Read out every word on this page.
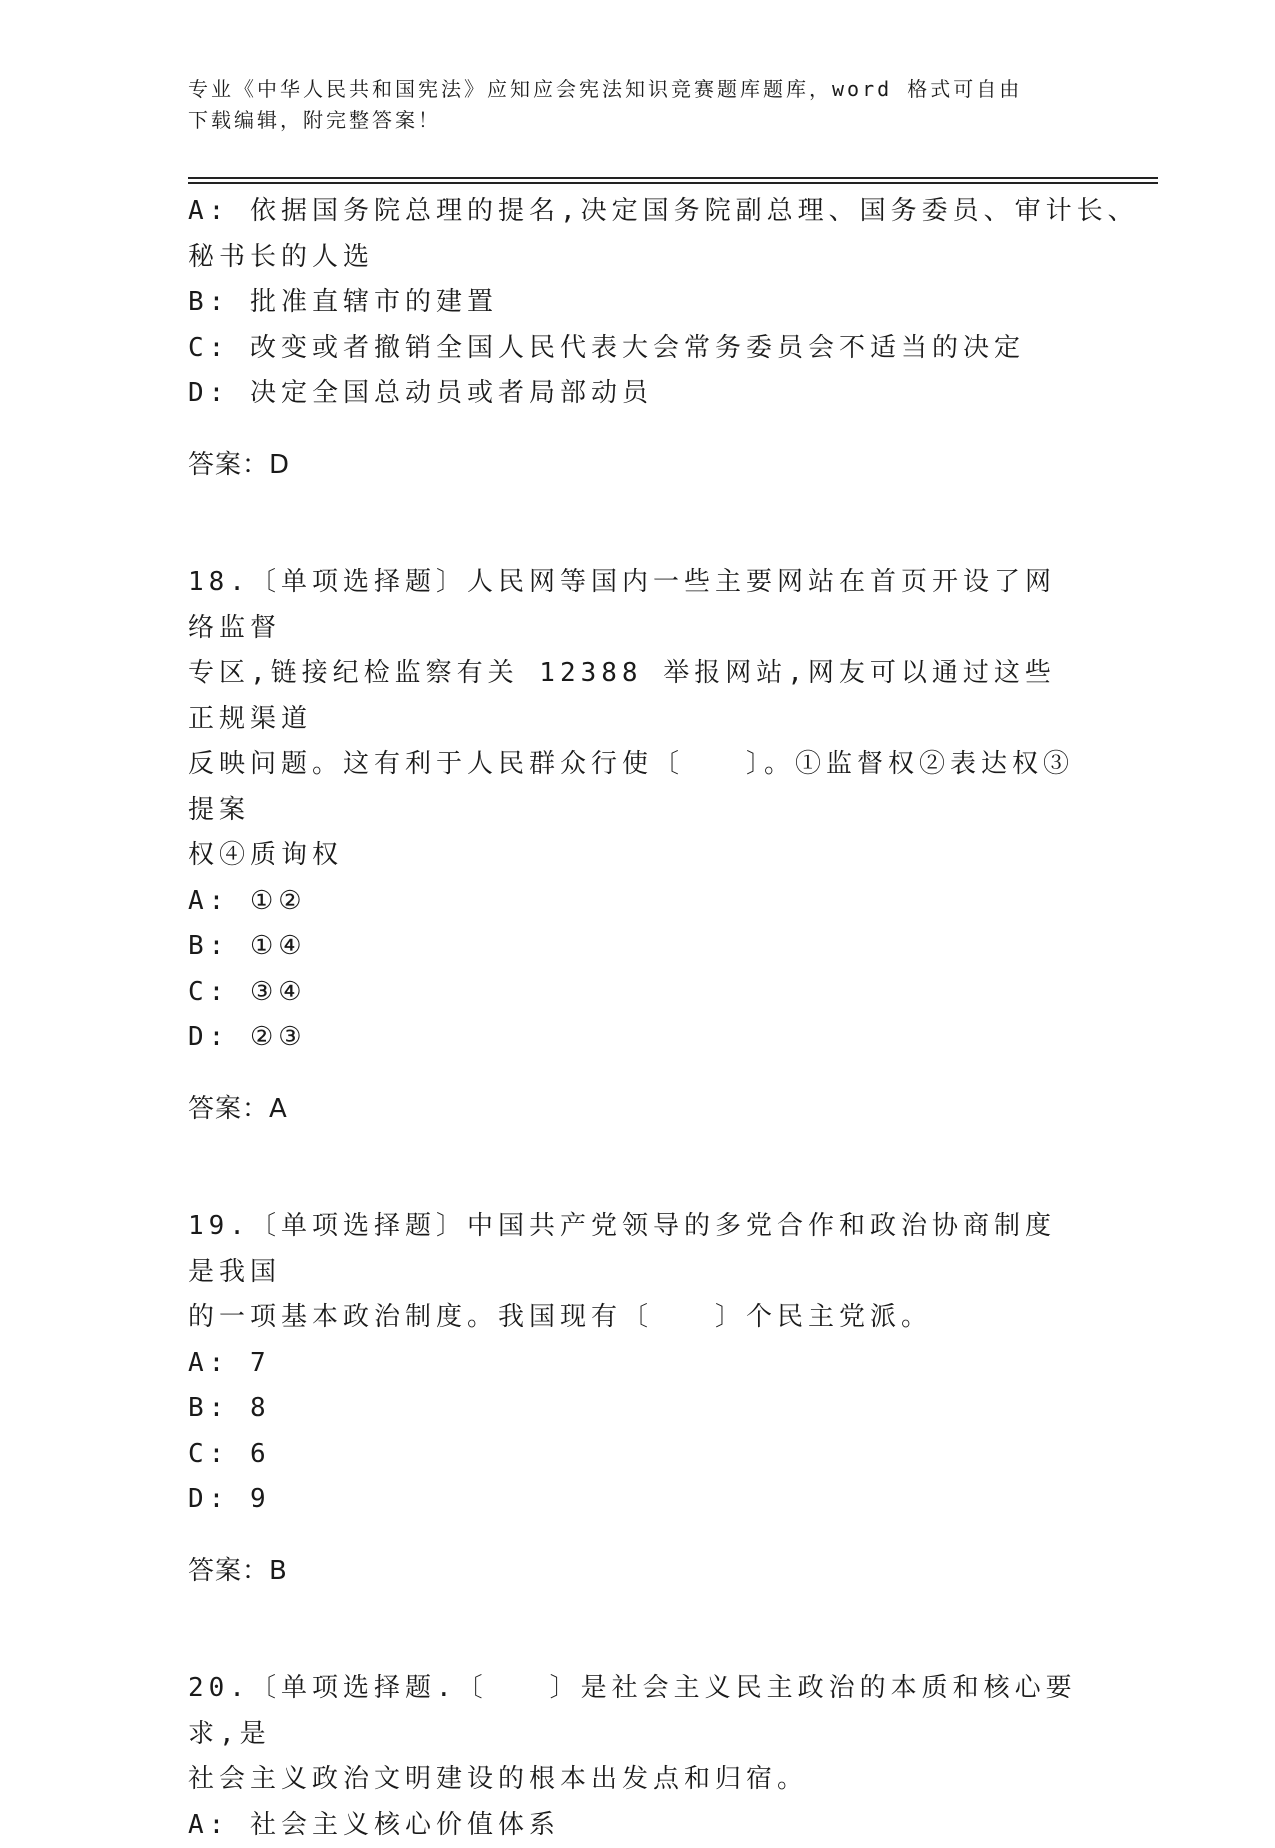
专业《中华人民共和国宪法》应知应会宪法知识竞赛题库题库，word 格式可自由
下载编辑，附完整答案！

A: 依据国务院总理的提名,决定国务院副总理、国务委员、审计长、

秘书长的人选

B: 批准直辖市的建置

C: 改变或者撤销全国人民代表大会常务委员会不适当的决定

D: 决定全国总动员或者局部动员

答案：D

18.〔单项选择题〕人民网等国内一些主要网站在首页开设了网络监督

专区,链接纪检监察有关 12388 举报网站,网友可以通过这些正规渠道

反映问题。这有利于人民群众行使〔　　〕。①监督权②表达权③提案

权④质询权

A: ①②

B: ①④

C: ③④

D: ②③

答案：A

19.〔单项选择题〕中国共产党领导的多党合作和政治协商制度是我国

的一项基本政治制度。我国现有〔　　〕个民主党派。

A: 7

B: 8

C: 6

D: 9

答案：B

20.〔单项选择题.〔　　〕是社会主义民主政治的本质和核心要求,是

社会主义政治文明建设的根本出发点和归宿。

A: 社会主义核心价值体系
